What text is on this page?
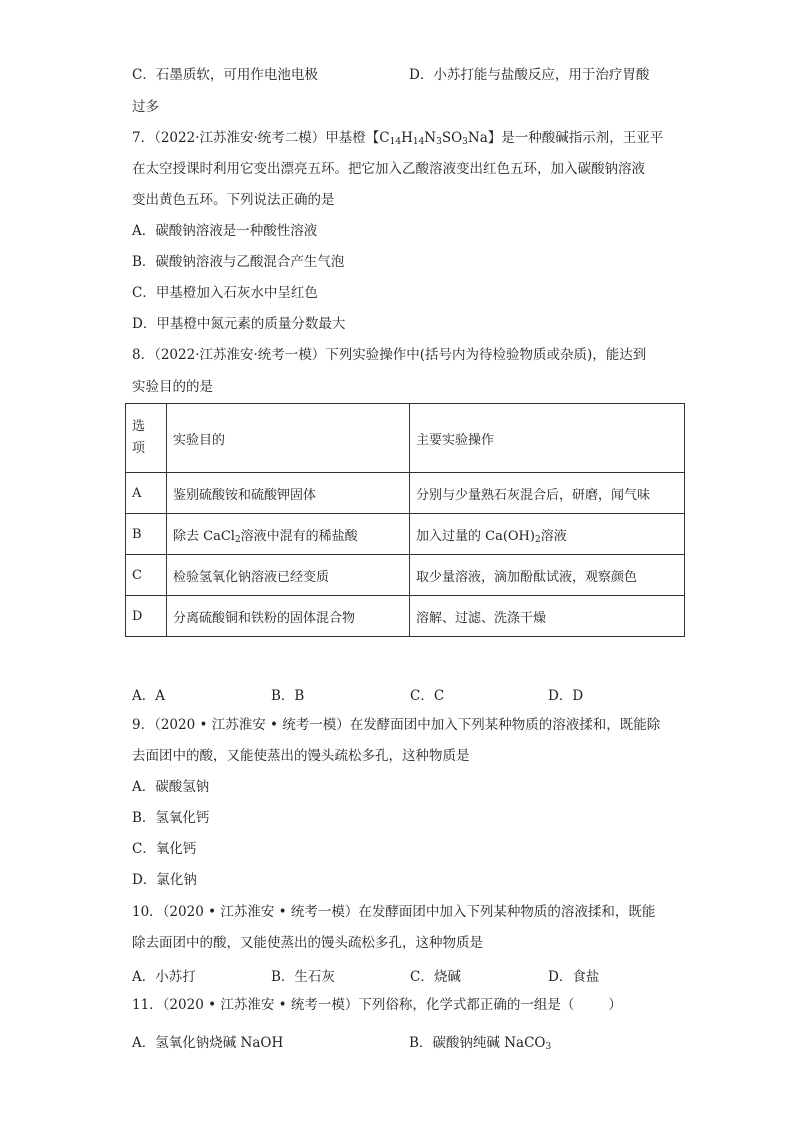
C．石墨质软，可用作电池电极	D．小苏打能与盐酸反应，用于治疗胃酸
过多
7．（2022·江苏淮安·统考二模）甲基橙【$C_{14}H_{14}N_3SO_3Na$】是一种酸碱指示剂，王亚平
在太空授课时利用它变出漂亮五环。把它加入乙酸溶液变出红色五环，加入碳酸钠溶液
变出黄色五环。下列说法正确的是
A．碳酸钠溶液是一种酸性溶液
B．碳酸钠溶液与乙酸混合产生气泡
C．甲基橙加入石灰水中呈红色
D．甲基橙中氮元素的质量分数最大
8．（2022·江苏淮安·统考一模）下列实验操作中(括号内为待检验物质或杂质)，能达到
实验目的的是
选
项	实验目的	主要实验操作
A	鉴别硫酸铵和硫酸钾固体	分别与少量熟石灰混合后，研磨，闻气味
B	除去 CaCl$_2$溶液中混有的稀盐酸	加入过量的 $Ca(OH)_2$溶液
C	检验氢氧化钠溶液已经变质	取少量溶液，滴加酚酞试液，观察颜色
D	分离硫酸铜和铁粉的固体混合物	溶解、过滤、洗涤干燥
A．A	B．B	C．C	D．D
9．（2020 • 江苏淮安 • 统考一模）在发酵面团中加入下列某种物质的溶液揉和，既能除
去面团中的酸，又能使蒸出的馒头疏松多孔，这种物质是
A．碳酸氢钠
B．氢氧化钙
C．氧化钙
D．氯化钠
10．（2020 • 江苏淮安 • 统考一模）在发酵面团中加入下列某种物质的溶液揉和，既能
除去面团中的酸，又能使蒸出的馒头疏松多孔，这种物质是
A．小苏打	B．生石灰	C．烧碱	D．食盐
11．（2020 • 江苏淮安 • 统考一模）下列俗称，化学式都正确的一组是（	）
A．氢氧化钠烧碱 NaOH	B．碳酸钠纯碱 NaCO$_3$
